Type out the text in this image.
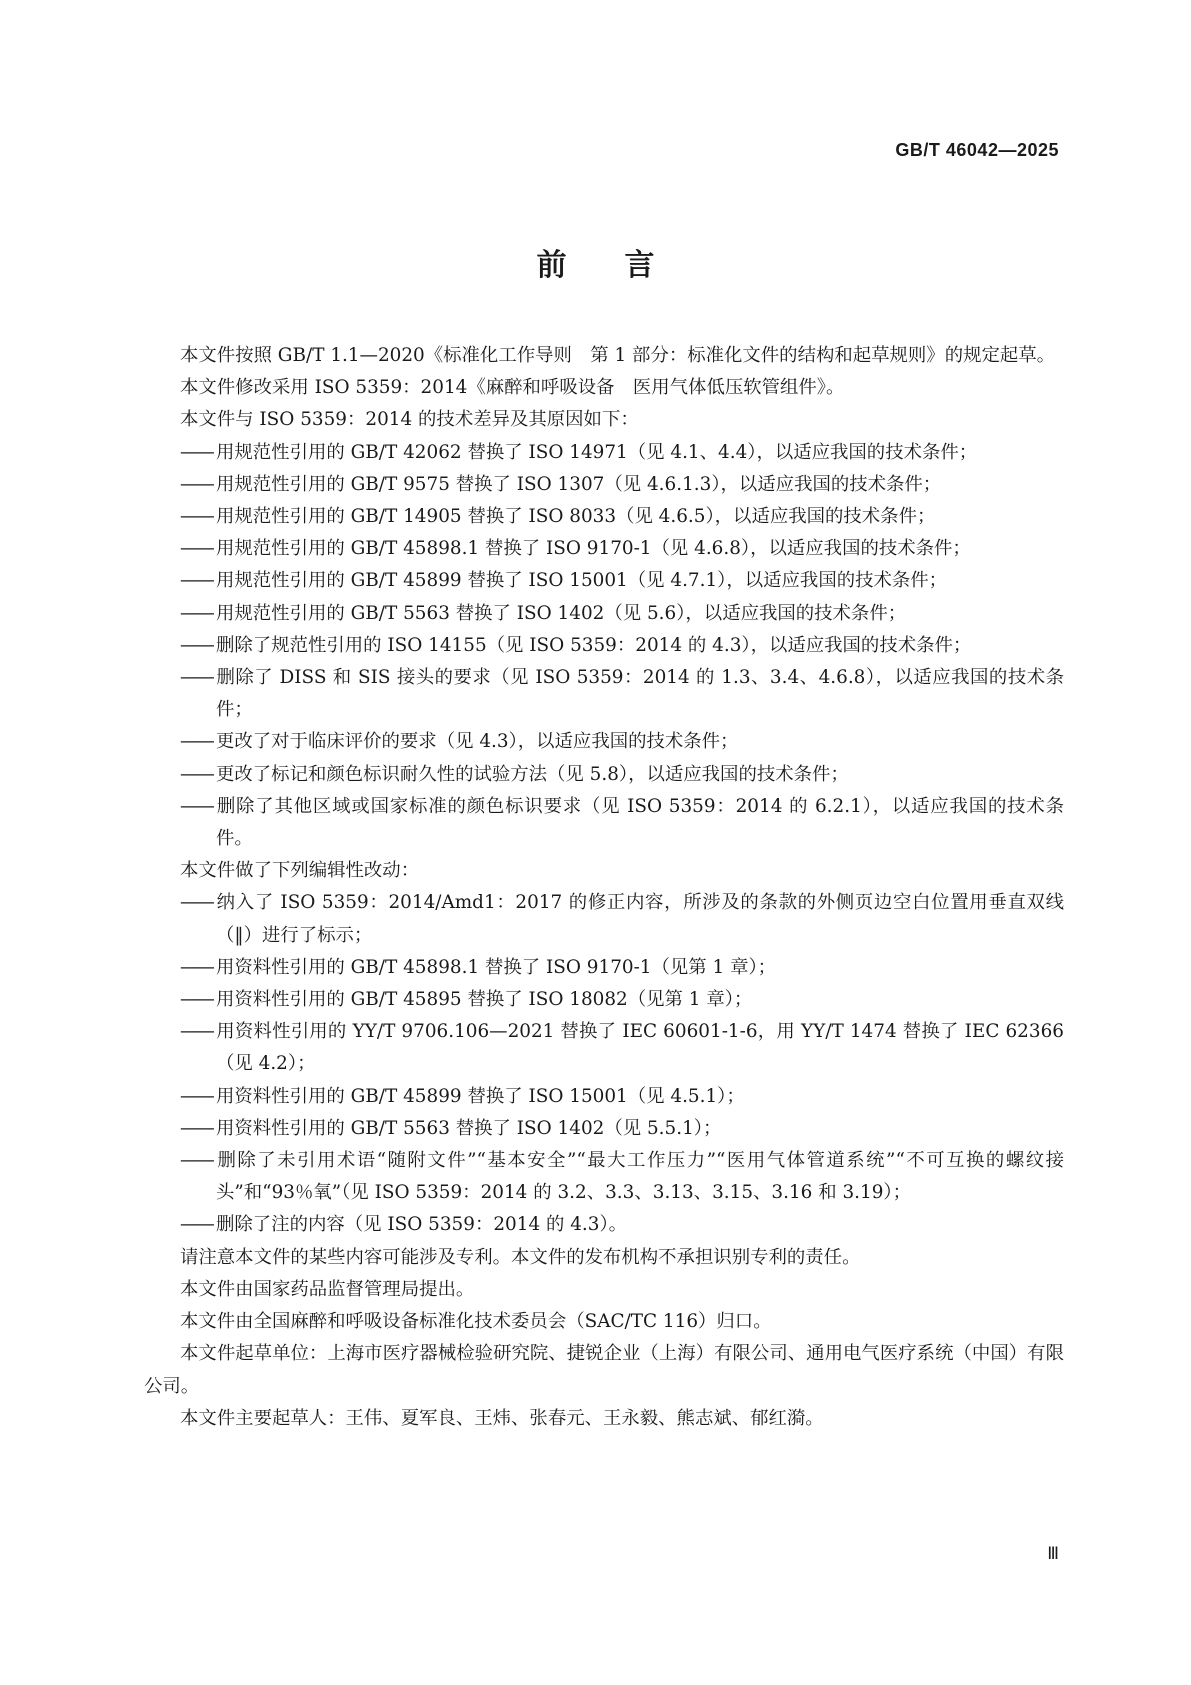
GB/T 46042—2025
前言

本文件按照 GB/T 1.1—2020《标准化工作导则　第 1 部分：标准化文件的结构和起草规则》的规定起草。

本文件修改采用 ISO 5359：2014《麻醉和呼吸设备　医用气体低压软管组件》。

本文件与 ISO 5359：2014 的技术差异及其原因如下：

—— 用规范性引用的 GB/T 42062 替换了 ISO 14971（见 4.1、4.4），以适应我国的技术条件；

—— 用规范性引用的 GB/T 9575 替换了 ISO 1307（见 4.6.1.3），以适应我国的技术条件；

—— 用规范性引用的 GB/T 14905 替换了 ISO 8033（见 4.6.5），以适应我国的技术条件；

—— 用规范性引用的 GB/T 45898.1 替换了 ISO 9170-1（见 4.6.8），以适应我国的技术条件；

—— 用规范性引用的 GB/T 45899 替换了 ISO 15001（见 4.7.1），以适应我国的技术条件；

—— 用规范性引用的 GB/T 5563 替换了 ISO 1402（见 5.6），以适应我国的技术条件；

—— 删除了规范性引用的 ISO 14155（见 ISO 5359：2014 的 4.3），以适应我国的技术条件；

—— 删除了 DISS 和 SIS 接头的要求（见 ISO 5359：2014 的 1.3、3.4、4.6.8），以适应我国的技术条件；

—— 更改了对于临床评价的要求（见 4.3），以适应我国的技术条件；

—— 更改了标记和颜色标识耐久性的试验方法（见 5.8），以适应我国的技术条件；

—— 删除了其他区域或国家标准的颜色标识要求（见 ISO 5359：2014 的 6.2.1），以适应我国的技术条件。

本文件做了下列编辑性改动：

—— 纳入了 ISO 5359：2014/Amd1：2017 的修正内容，所涉及的条款的外侧页边空白位置用垂直双线（‖）进行了标示；

—— 用资料性引用的 GB/T 45898.1 替换了 ISO 9170-1（见第 1 章）；

—— 用资料性引用的 GB/T 45895 替换了 ISO 18082（见第 1 章）；

—— 用资料性引用的 YY/T 9706.106—2021 替换了 IEC 60601-1-6，用 YY/T 1474 替换了 IEC 62366（见 4.2）；

—— 用资料性引用的 GB/T 45899 替换了 ISO 15001（见 4.5.1）；

—— 用资料性引用的 GB/T 5563 替换了 ISO 1402（见 5.5.1）；

—— 删除了未引用术语“随附文件”“基本安全”“最大工作压力”“医用气体管道系统”“不可互换的螺纹接头”和“93％氧”（见 ISO 5359：2014 的 3.2、3.3、3.13、3.15、3.16 和 3.19）；

—— 删除了注的内容（见 ISO 5359：2014 的 4.3）。

请注意本文件的某些内容可能涉及专利。本文件的发布机构不承担识别专利的责任。

本文件由国家药品监督管理局提出。

本文件由全国麻醉和呼吸设备标准化技术委员会（SAC/TC 116）归口。

本文件起草单位：上海市医疗器械检验研究院、捷锐企业（上海）有限公司、通用电气医疗系统（中国）有限公司。

本文件主要起草人：王伟、夏军良、王炜、张春元、王永毅、熊志斌、郁红漪。

Ⅲ
